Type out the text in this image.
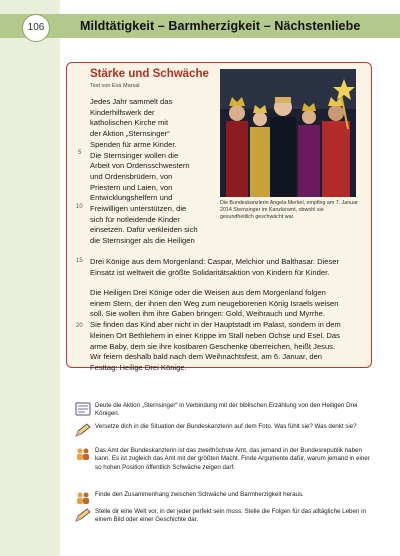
106	Mildtätigkeit – Barmherzigkeit – Nächstenliebe
Stärke und Schwäche
Text von Eva Marsal
Jedes Jahr sammelt das
Kinderhilfswerk der
katholischen Kirche mit
der Aktion „Sternsinger“
Spenden für arme Kinder.
Die Sternsinger wollen die
Arbeit von Ordensschwestern
und Ordensbrüdern, von
Priestern und Laien, von
Entwicklungshelfern und
Freiwilligen unterstützen, die
sich für notleidende Kinder
einsetzen. Dafür verkleiden sich
die Sternsinger als die Heiligen
Drei Könige aus dem Morgenland: Caspar, Melchior und Balthasar. Dieser
Einsatz ist weltweit die größte Solidaritätsaktion von Kindern für Kinder.
Die Heiligen Drei Könige oder die Weisen aus dem Morgenland folgen
einem Stern, der ihnen den Weg zum neugeborenen König Israels weisen
soll. Sie wollen ihm ihre Gaben bringen: Gold, Weihrauch und Myrrhe.
Sie finden das Kind aber nicht in der Hauptstadt im Palast, sondern in dem
kleinen Ort Bethlehem in einer Krippe im Stall neben Ochse und Esel. Das
arme Baby, dem sie ihre kostbaren Geschenke überreichen, heißt Jesus.
Wir feiern deshalb bald nach dem Weihnachtsfest, am 6. Januar, den
Festtag: Heilige Drei Könige.
5
10
15
20
Die Bundeskanzlerin Angela Merkel, empfing am 7. Januar 2014 Sternsinger im Kanzleramt, obwohl sie gesundheitlich geschwächt war.
Deute die Aktion „Sternsinger“ in Verbindung mit der biblischen Erzählung von den Heiligen Drei Königen.
Versetze dich in die Situation der Bundeskanzlerin auf dem Foto. Was fühlt sie? Was denkt sie?
Das Amt der Bundeskanzlerin ist das zweithöchste Amt, das jemand in der Bundesrepublik haben kann. Es ist zugleich das Amt mit der größten Macht. Finde Argumente dafür, warum jemand in einer so hohen Position öffentlich Schwäche zeigen darf.
Finde den Zusammenhang zwischen Schwäche und Barmherzigkeit heraus.
Stelle dir eine Welt vor, in der jeder perfekt sein muss. Stelle die Folgen für das alltägliche Leben in einem Bild oder einer Geschichte dar.
